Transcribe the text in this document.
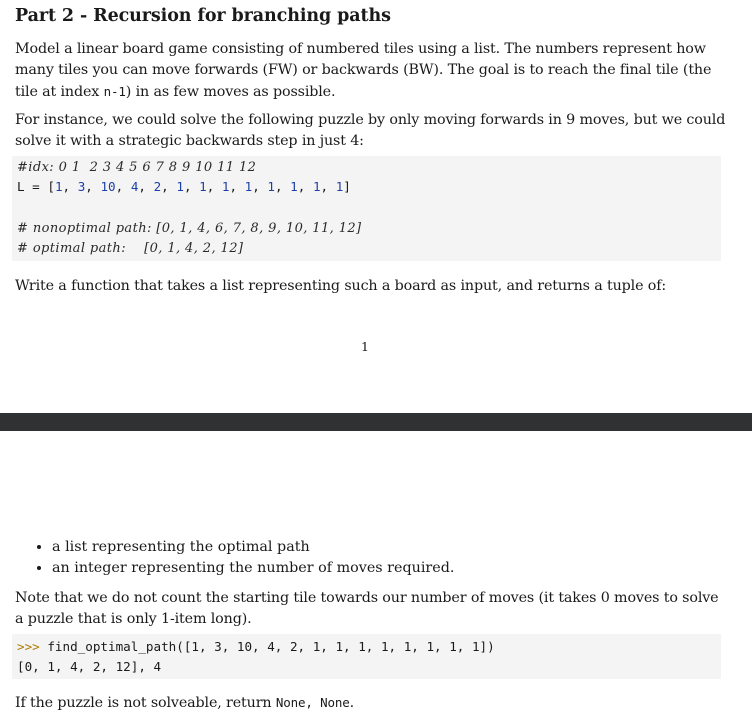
Part 2 - Recursion for branching paths

Model a linear board game consisting of numbered tiles using a list. The numbers represent how many tiles you can move forwards (FW) or backwards (BW). The goal is to reach the final tile (the tile at index n-1) in as few moves as possible.

For instance, we could solve the following puzzle by only moving forwards in 9 moves, but we could solve it with a strategic backwards step in just 4:

#idx: 0 1  2 3 4 5 6 7 8 9 10 11 12

L = [1, 3, 10, 4, 2, 1, 1, 1, 1, 1, 1, 1, 1]

# nonoptimal path: [0, 1, 4, 6, 7, 8, 9, 10, 11, 12]

# optimal path:    [0, 1, 4, 2, 12]

Write a function that takes a list representing such a board as input, and returns a tuple of:

1
• a list representing the optimal path
• an integer representing the number of moves required.

Note that we do not count the starting tile towards our number of moves (it takes 0 moves to solve a puzzle that is only 1-item long).

>>> find_optimal_path([1, 3, 10, 4, 2, 1, 1, 1, 1, 1, 1, 1, 1])

[0, 1, 4, 2, 12], 4

If the puzzle is not solveable, return None, None.
